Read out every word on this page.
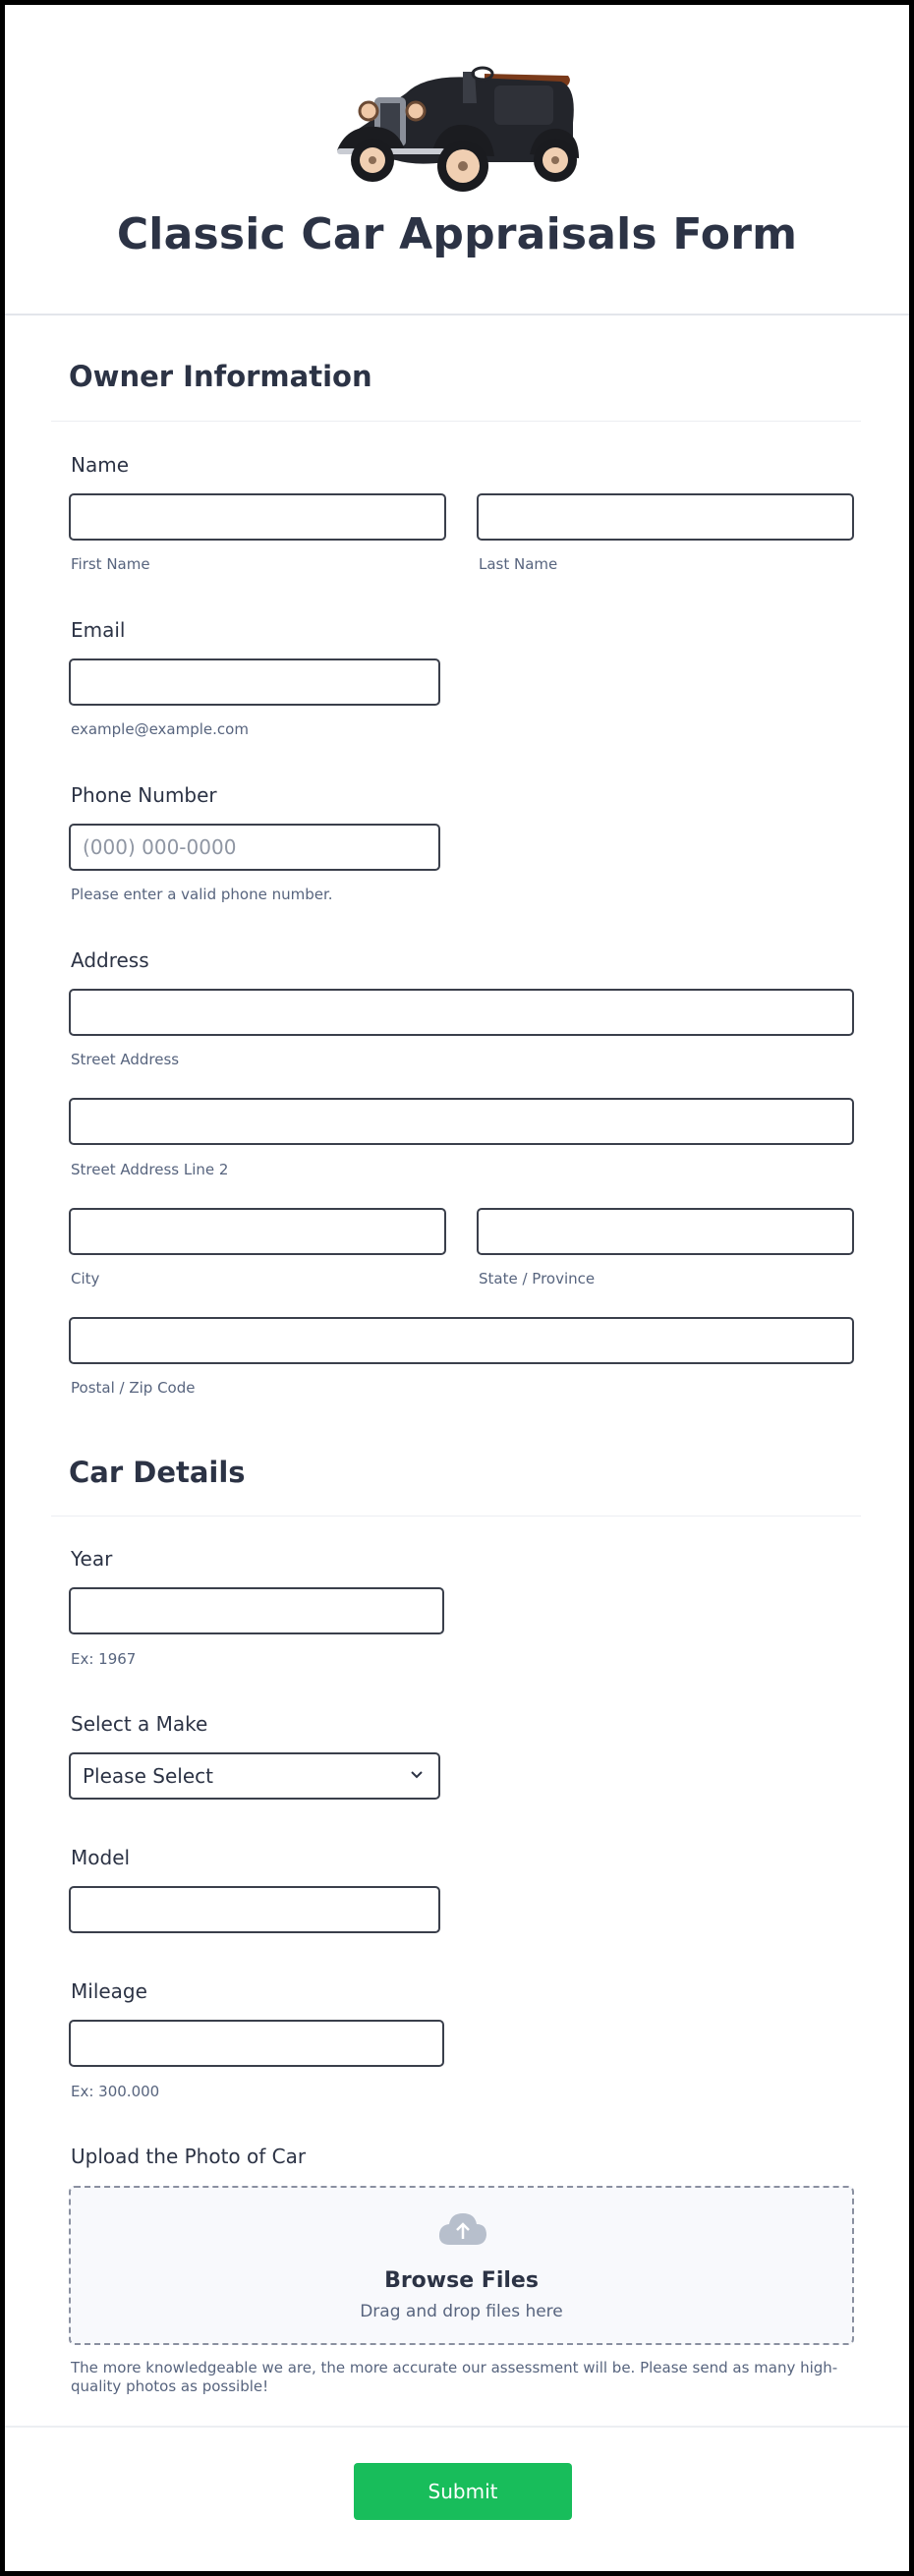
Classic Car Appraisals Form
Owner Information
Name
First Name	Last Name
Email
example@example.com
Phone Number
(000) 000-0000
Please enter a valid phone number.
Address
Street Address
Street Address Line 2
City	State / Province
Postal / Zip Code
Car Details
Year
Ex: 1967
Select a Make
Please Select
Model
Mileage
Ex: 300.000
Upload the Photo of Car
Browse Files
Drag and drop files here
The more knowledgeable we are, the more accurate our assessment will be. Please send as many high-quality photos as possible!
Submit
